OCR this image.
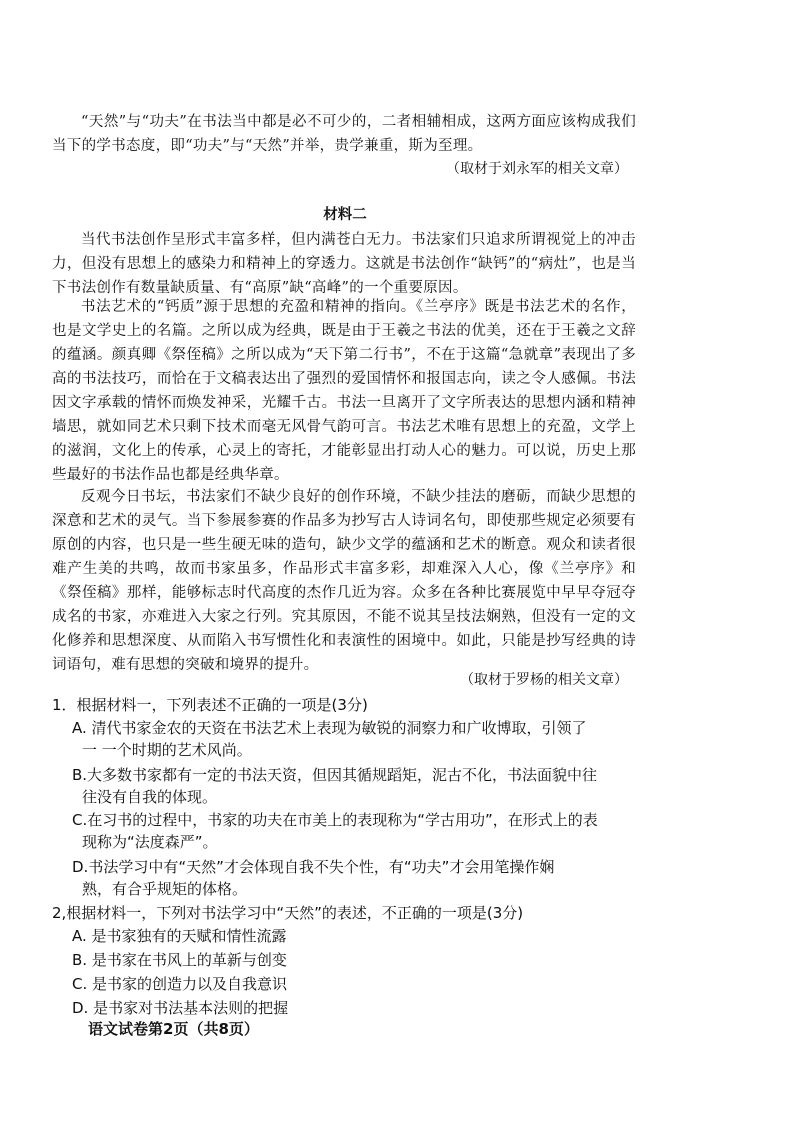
“天然”与“功夫”在书法当中都是必不可少的，二者相辅相成，这两方面应该构成我们当下的学书态度，即“功夫”与“天然”并举，贵学兼重，斯为至理。

（取材于刘永军的相关文章）

材料二

当代书法创作呈形式丰富多样，但内满苍白无力。书法家们只追求所谓视觉上的冲击力，但没有思想上的感染力和精神上的穿透力。这就是书法创作“缺钙”的“病灶”，也是当下书法创作有数量缺质量、有“高原”缺“高峰”的一个重要原因。

书法艺术的“钙质”源于思想的充盈和精神的指向。《兰亭序》既是书法艺术的名作，也是文学史上的名篇。之所以成为经典，既是由于王羲之书法的优美，还在于王羲之文辞的蕴涵。颜真卿《祭侄稿》之所以成为“天下第二行书”，不在于这篇“急就章”表现出了多高的书法技巧，而恰在于文稿表达出了强烈的爱国情怀和报国志向，读之令人感佩。书法因文字承载的情怀而焕发神采，光耀千古。书法一旦离开了文字所表达的思想内涵和精神墙思，就如同艺术只剩下技术而毫无风骨气韵可言。书法艺术唯有思想上的充盈，文学上的滋润，文化上的传承，心灵上的寄托，才能彰显出打动人心的魅力。可以说，历史上那些最好的书法作品也都是经典华章。

反观今日书坛，书法家们不缺少良好的创作环境，不缺少挂法的磨砺，而缺少思想的深意和艺术的灵气。当下参展参赛的作品多为抄写古人诗词名句，即使那些规定必须要有原创的内容，也只是一些生硬无味的造句，缺少文学的蕴涵和艺术的断意。观众和读者很难产生美的共鸣，故而书家虽多，作品形式丰富多彩，却难深入人心，像《兰亭序》和《祭侄稿》那样，能够标志时代高度的杰作几近为容。众多在各种比赛展览中早早夺冠夺成名的书家，亦难进入大家之行列。究其原因，不能不说其呈技法娴熟，但没有一定的文化修养和思想深度、从而陷入书写惯性化和表演性的困境中。如此，只能是抄写经典的诗词语句，难有思想的突破和境界的提升。

（取材于罗杨的相关文章）

1．根据材料一，下列表述不正确的一项是(3分)

A. 清代书家金农的天资在书法艺术上表现为敏锐的洞察力和广收博取，引领了

一 一个时期的艺术风尚。

B.大多数书家都有一定的书法天资，但因其循规蹈矩，泥古不化，书法面貌中往

往没有自我的体现。

C.在习书的过程中，书家的功夫在市美上的表现称为“学古用功”，在形式上的表

现称为“法度森严”。

D.书法学习中有“天然”才会体现自我不失个性，有“功夫”才会用笔操作娴

熟，有合乎规矩的体格。

2,根据材料一，下列对书法学习中“天然”的表述，不正确的一项是(3分)

A. 是书家独有的天赋和情性流露

B. 是书家在书风上的革新与创变

C. 是书家的创造力以及自我意识

D. 是书家对书法基本法则的把握

语文试卷第2页（共8页）
